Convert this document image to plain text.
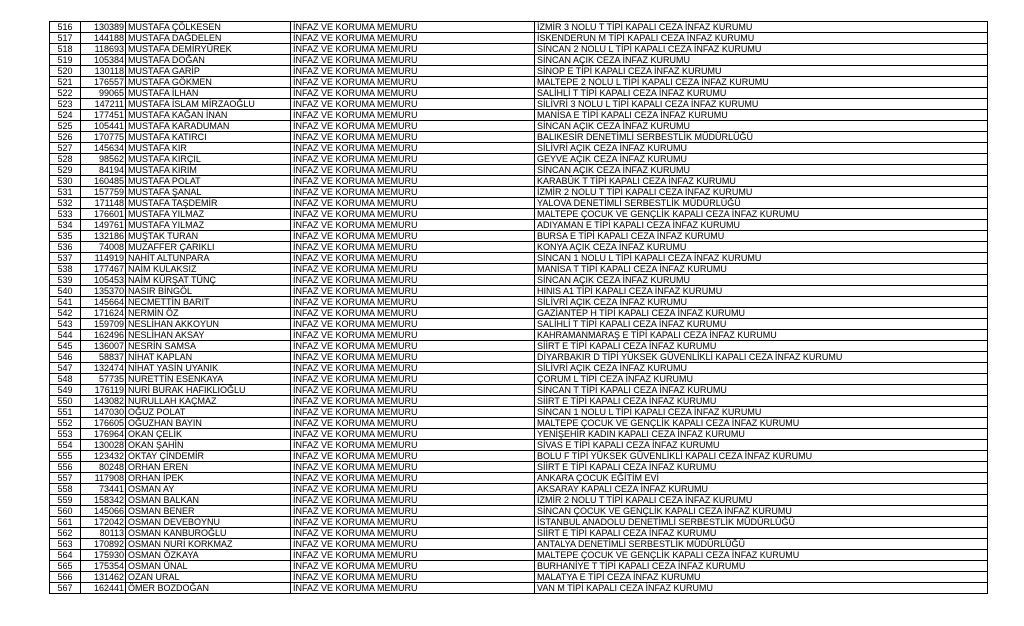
516	130389	MUSTAFA ÇÖLKESEN	İNFAZ VE KORUMA MEMURU	İZMİR 3 NOLU T TİPİ KAPALI CEZA İNFAZ KURUMU
517	144188	MUSTAFA DAĞDELEN	İNFAZ VE KORUMA MEMURU	İSKENDERUN M TİPİ KAPALI CEZA İNFAZ KURUMU
518	118693	MUSTAFA DEMİRYÜREK	İNFAZ VE KORUMA MEMURU	SİNCAN 2 NOLU L TİPİ KAPALI CEZA İNFAZ KURUMU
519	105384	MUSTAFA DOĞAN	İNFAZ VE KORUMA MEMURU	SİNCAN AÇIK CEZA İNFAZ KURUMU
520	130118	MUSTAFA GARİP	İNFAZ VE KORUMA MEMURU	SİNOP E TİPİ KAPALI CEZA İNFAZ KURUMU
521	176557	MUSTAFA GÖKMEN	İNFAZ VE KORUMA MEMURU	MALTEPE 2 NOLU L TİPİ KAPALI CEZA İNFAZ KURUMU
522	99065	MUSTAFA İLHAN	İNFAZ VE KORUMA MEMURU	SALİHLİ T TİPİ KAPALI CEZA İNFAZ KURUMU
523	147211	MUSTAFA İSLAM MİRZAOĞLU	İNFAZ VE KORUMA MEMURU	SİLİVRİ 3 NOLU L TİPİ KAPALI CEZA İNFAZ KURUMU
524	177451	MUSTAFA KAĞAN İNAN	İNFAZ VE KORUMA MEMURU	MANİSA E TİPİ KAPALI CEZA İNFAZ KURUMU
525	105441	MUSTAFA KARADUMAN	İNFAZ VE KORUMA MEMURU	SİNCAN AÇIK CEZA İNFAZ KURUMU
526	170775	MUSTAFA KATIRCI	İNFAZ VE KORUMA MEMURU	BALIKESİR DENETİMLİ SERBESTLİK MÜDÜRLÜĞÜ
527	145634	MUSTAFA KIR	İNFAZ VE KORUMA MEMURU	SİLİVRİ AÇIK CEZA İNFAZ KURUMU
528	98562	MUSTAFA KIRÇIL	İNFAZ VE KORUMA MEMURU	GEYVE AÇIK CEZA İNFAZ KURUMU
529	84194	MUSTAFA KIRIM	İNFAZ VE KORUMA MEMURU	SİNCAN AÇIK CEZA İNFAZ KURUMU
530	160485	MUSTAFA POLAT	İNFAZ VE KORUMA MEMURU	KARABÜK T TİPİ KAPALI CEZA İNFAZ KURUMU
531	157759	MUSTAFA ŞANAL	İNFAZ VE KORUMA MEMURU	İZMİR 2 NOLU T TİPİ KAPALI CEZA İNFAZ KURUMU
532	171148	MUSTAFA TAŞDEMİR	İNFAZ VE KORUMA MEMURU	YALOVA DENETİMLİ SERBESTLİK MÜDÜRLÜĞÜ
533	176601	MUSTAFA YILMAZ	İNFAZ VE KORUMA MEMURU	MALTEPE ÇOCUK VE GENÇLİK KAPALI CEZA İNFAZ KURUMU
534	149761	MUSTAFA YILMAZ	İNFAZ VE KORUMA MEMURU	ADIYAMAN E TİPİ KAPALI CEZA İNFAZ KURUMU
535	132186	MUŞTAK TURAN	İNFAZ VE KORUMA MEMURU	BURSA E TİPİ KAPALI CEZA İNFAZ KURUMU
536	74008	MUZAFFER ÇARIKLI	İNFAZ VE KORUMA MEMURU	KONYA AÇIK CEZA İNFAZ KURUMU
537	114919	NAHİT ALTUNPARA	İNFAZ VE KORUMA MEMURU	SİNCAN 1 NOLU L TİPİ KAPALI CEZA İNFAZ KURUMU
538	177467	NAİM KULAKSIZ	İNFAZ VE KORUMA MEMURU	MANİSA T TİPİ KAPALI CEZA İNFAZ KURUMU
539	105453	NAİM KÜRŞAT TÜNÇ	İNFAZ VE KORUMA MEMURU	SİNCAN AÇIK CEZA İNFAZ KURUMU
540	135370	NASIR BİNGÖL	İNFAZ VE KORUMA MEMURU	HINIS A1 TİPİ KAPALI CEZA İNFAZ KURUMU
541	145664	NECMETTİN BARIT	İNFAZ VE KORUMA MEMURU	SİLİVRİ AÇIK CEZA İNFAZ KURUMU
542	171624	NERMİN ÖZ	İNFAZ VE KORUMA MEMURU	GAZİANTEP H TİPİ KAPALI CEZA İNFAZ KURUMU
543	159709	NESLİHAN AKKOYUN	İNFAZ VE KORUMA MEMURU	SALİHLİ T TİPİ KAPALI CEZA İNFAZ KURUMU
544	162496	NESLİHAN AKSAY	İNFAZ VE KORUMA MEMURU	KAHRAMANMARAŞ E TİPİ KAPALI CEZA İNFAZ KURUMU
545	136007	NESRİN SAMSA	İNFAZ VE KORUMA MEMURU	SİİRT E TİPİ KAPALI CEZA İNFAZ KURUMU
546	58837	NİHAT KAPLAN	İNFAZ VE KORUMA MEMURU	DİYARBAKIR D TİPİ YÜKSEK GÜVENLİKLİ KAPALI CEZA İNFAZ KURUMU
547	132474	NİHAT YASİN UYANIK	İNFAZ VE KORUMA MEMURU	SİLİVRİ AÇIK CEZA İNFAZ KURUMU
548	57735	NURETTİN ESENKAYA	İNFAZ VE KORUMA MEMURU	ÇORUM L TİPİ CEZA İNFAZ KURUMU
549	176119	NURİ BURAK HAFIKLIOĞLU	İNFAZ VE KORUMA MEMURU	SİNCAN T TİPİ KAPALI CEZA İNFAZ KURUMU
550	143082	NURULLAH KAÇMAZ	İNFAZ VE KORUMA MEMURU	SİİRT E TİPİ KAPALI CEZA İNFAZ KURUMU
551	147030	OĞUZ POLAT	İNFAZ VE KORUMA MEMURU	SİNCAN 1 NOLU L TİPİ KAPALI CEZA İNFAZ KURUMU
552	176605	OĞUZHAN BAYIN	İNFAZ VE KORUMA MEMURU	MALTEPE ÇOCUK VE GENÇLİK KAPALI CEZA İNFAZ KURUMU
553	176964	OKAN ÇELİK	İNFAZ VE KORUMA MEMURU	YENİŞEHİR KADIN KAPALI CEZA İNFAZ KURUMU
554	130028	OKAN ŞAHİN	İNFAZ VE KORUMA MEMURU	SİVAS E TİPİ KAPALI CEZA İNFAZ KURUMU
555	123432	OKTAY ÇİNDEMİR	İNFAZ VE KORUMA MEMURU	BOLU F TİPİ YÜKSEK GÜVENLİKLİ KAPALI CEZA İNFAZ KURUMU
556	80248	ORHAN EREN	İNFAZ VE KORUMA MEMURU	SİİRT E TİPİ KAPALI CEZA İNFAZ KURUMU
557	117908	ORHAN İPEK	İNFAZ VE KORUMA MEMURU	ANKARA ÇOCUK EĞİTİM EVİ
558	73441	OSMAN AY	İNFAZ VE KORUMA MEMURU	AKSARAY KAPALI CEZA İNFAZ KURUMU
559	158342	OSMAN BALKAN	İNFAZ VE KORUMA MEMURU	İZMİR 2 NOLU T TİPİ KAPALI CEZA İNFAZ KURUMU
560	145066	OSMAN BENER	İNFAZ VE KORUMA MEMURU	SİNCAN ÇOCUK VE GENÇLİK KAPALI CEZA İNFAZ KURUMU
561	172042	OSMAN DEVEBOYNU	İNFAZ VE KORUMA MEMURU	İSTANBUL ANADOLU DENETİMLİ SERBESTLİK MÜDÜRLÜĞÜ
562	80113	OSMAN KANBUROĞLU	İNFAZ VE KORUMA MEMURU	SİİRT E TİPİ KAPALI CEZA İNFAZ KURUMU
563	170892	OSMAN NURİ KORKMAZ	İNFAZ VE KORUMA MEMURU	ANTALYA DENETİMLİ SERBESTLİK MÜDÜRLÜĞÜ
564	175930	OSMAN ÖZKAYA	İNFAZ VE KORUMA MEMURU	MALTEPE ÇOCUK VE GENÇLİK KAPALI CEZA İNFAZ KURUMU
565	175354	OSMAN ÜNAL	İNFAZ VE KORUMA MEMURU	BURHANİYE T TİPİ KAPALI CEZA İNFAZ KURUMU
566	131462	OZAN URAL	İNFAZ VE KORUMA MEMURU	MALATYA E TİPİ CEZA İNFAZ KURUMU
567	162441	ÖMER BOZDOĞAN	İNFAZ VE KORUMA MEMURU	VAN M TİPİ KAPALI CEZA İNFAZ KURUMU
